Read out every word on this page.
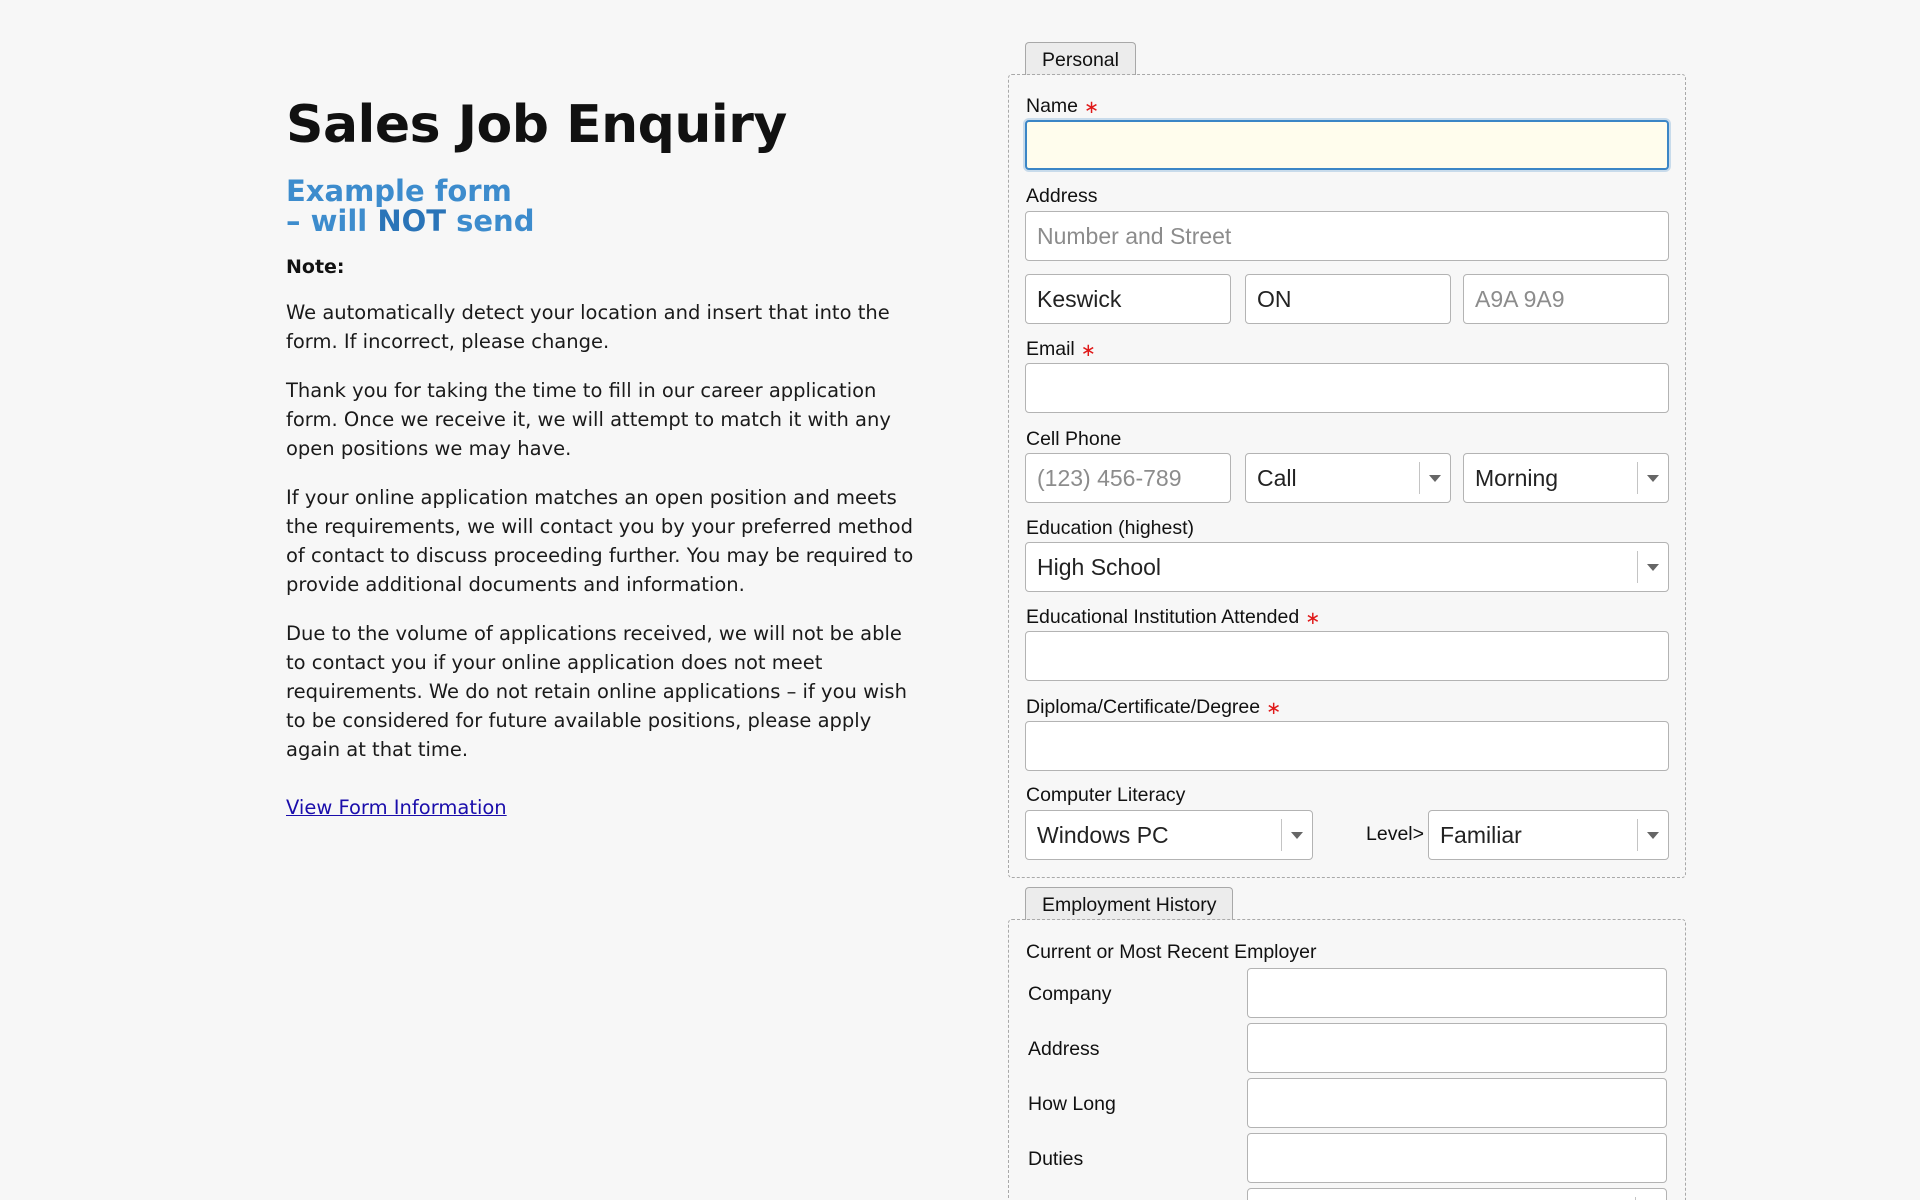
Sales Job Enquiry
Example form
– will NOT send
Note:

We automatically detect your location and insert that into the form. If incorrect, please change.

Thank you for taking the time to fill in our career application form. Once we receive it, we will attempt to match it with any open positions we may have.

If your online application matches an open position and meets the requirements, we will contact you by your preferred method of contact to discuss proceeding further. You may be required to provide additional documents and information.

Due to the volume of applications received, we will not be able to contact you if your online application does not meet requirements. We do not retain online applications – if you wish to be considered for future available positions, please apply again at that time.

View Form Information
Personal
Name ∗
Address
Number and Street
Keswick
ON
A9A 9A9
Email ∗
Cell Phone
(123) 456-789
Call	Morning
Education (highest)
High School
Educational Institution Attended ∗
Diploma/Certificate/Degree ∗
Computer Literacy
Windows PC	Level> Familiar
Employment History
Current or Most Recent Employer
Company
Address
How Long
Duties
